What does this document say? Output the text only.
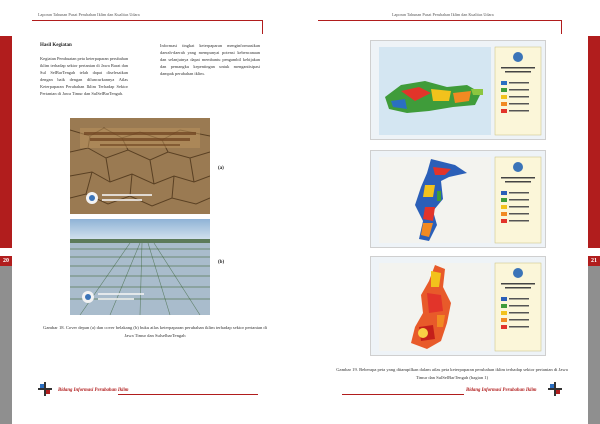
20	21
Laporan Tahunan Pusat Perubahan Iklim dan Kualitas Udara	Laporan Tahunan Pusat Perubahan Iklim dan Kualitas Udara
Hasil Kegiatan

Kegiatan Pembuatan peta keterpaparan perubahan iklim terhadap sektor pertanian di Jawa Barat dan Sul SelBarTengah telah dapat diselesaikan dengan baik dengan diluncurkannya Atlas Keterpaparan Perubahan Iklim Terhadap Sektor Pertanian di Jawa Timur dan SulSelBarTengah.

Informasi tingkat keterpaparan menginformasikan daerah-daerah yang mempunyai potensi kebencanaan dan selanjutnya dapat membantu pengambil kebijakan dan pemangku kepentingan untuk mengantisipasi dampak perubahan iklim.

(a)
(b)
Gambar 18. Cover depan (a) dan cover belakang (b) buku atlas keterpaparan perubahan iklim terhadap sektor pertanian di Jawa Timur dan SulselbarTengah
Gambar 19. Beberapa peta yang ditampilkan dalam atlas peta keterpaparan perubahan iklim terhadap sektor pertanian di Jawa Timur dan SulSelBarTengah (bagian 1)
Bidang Informasi Perubahan Iklim	Bidang Informasi Perubahan Iklim
